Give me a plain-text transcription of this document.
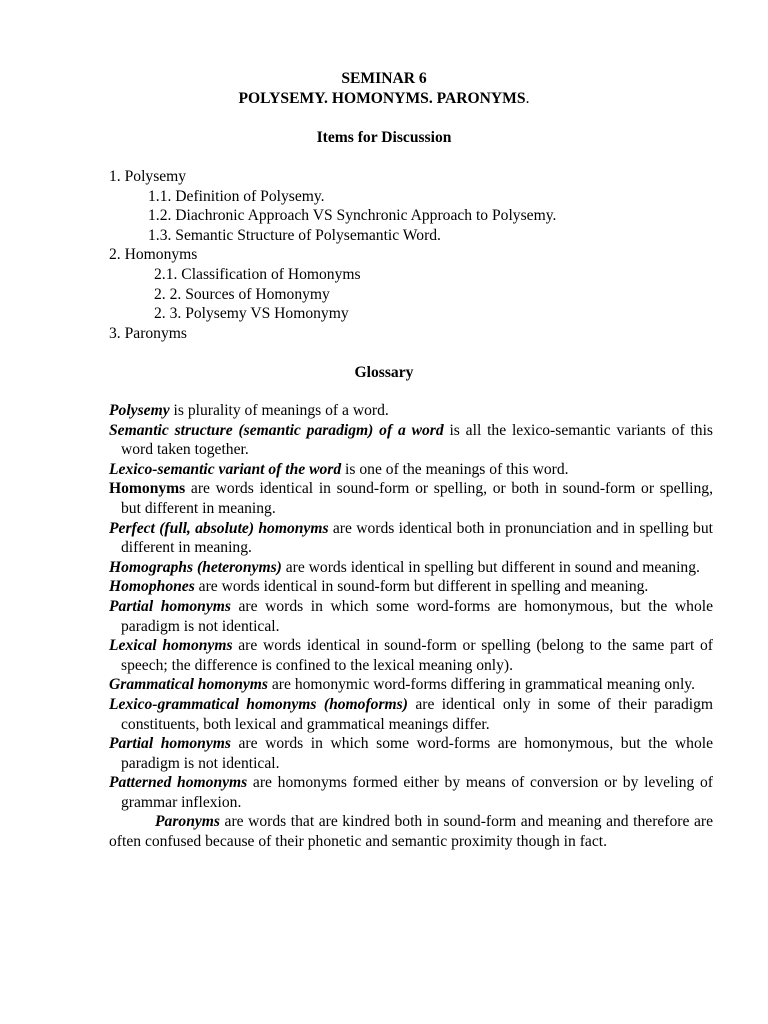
SEMINAR 6
POLYSEMY. HOMONYMS. PARONYMS.
Items for Discussion
1. Polysemy
1.1. Definition of Polysemy.
1.2. Diachronic Approach VS Synchronic Approach to Polysemy.
1.3. Semantic Structure of Polysemantic Word.
2. Homonyms
2.1. Classification of Homonyms
2. 2. Sources of Homonymy
2. 3. Polysemy VS Homonymy
3. Paronyms
Glossary
Polysemy is plurality of meanings of a word.
Semantic structure (semantic paradigm) of a word is all the lexico-semantic variants of this word taken together.
Lexico-semantic variant of the word is one of the meanings of this word.
Homonyms are words identical in sound-form or spelling, or both in sound-form or spelling, but different in meaning.
Perfect (full, absolute) homonyms are words identical both in pronunciation and in spelling but different in meaning.
Homographs (heteronyms) are words identical in spelling but different in sound and meaning.
Homophones are words identical in sound-form but different in spelling and meaning.
Partial homonyms are words in which some word-forms are homonymous, but the whole paradigm is not identical.
Lexical homonyms are words identical in sound-form or spelling (belong to the same part of speech; the difference is confined to the lexical meaning only).
Grammatical homonyms are homonymic word-forms differing in grammatical meaning only.
Lexico-grammatical homonyms (homoforms) are identical only in some of their paradigm constituents, both lexical and grammatical meanings differ.
Partial homonyms are words in which some word-forms are homonymous, but the whole paradigm is not identical.
Patterned homonyms are homonyms formed either by means of conversion or by leveling of grammar inflexion.
Paronyms are words that are kindred both in sound-form and meaning and therefore are often confused because of their phonetic and semantic proximity though in fact.
